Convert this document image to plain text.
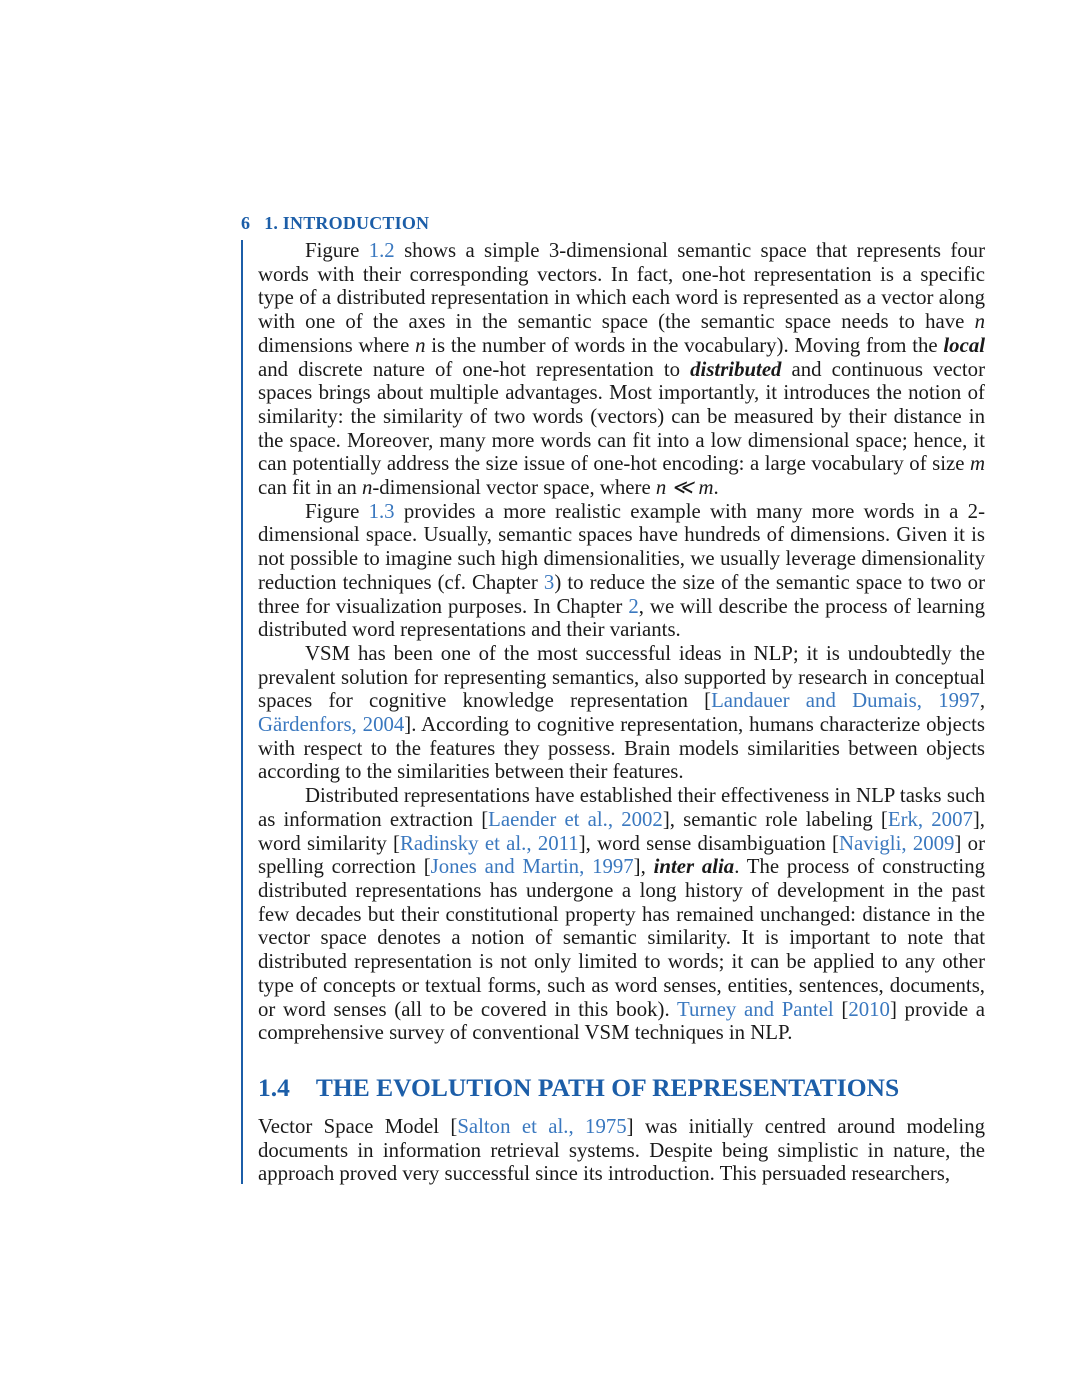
6 1. INTRODUCTION

Figure 1.2 shows a simple 3-dimensional semantic space that represents four words with their corresponding vectors. In fact, one-hot representation is a specific type of a distributed representation in which each word is represented as a vector along with one of the axes in the semantic space (the semantic space needs to have n dimensions where n is the number of words in the vocabulary). Moving from the local and discrete nature of one-hot representation to distributed and continuous vector spaces brings about multiple advantages. Most importantly, it introduces the notion of similarity: the similarity of two words (vectors) can be measured by their distance in the space. Moreover, many more words can fit into a low dimensional space; hence, it can potentially address the size issue of one-hot encoding: a large vocabulary of size m can fit in an n-dimensional vector space, where n ≪ m.

Figure 1.3 provides a more realistic example with many more words in a 2-dimensional space. Usually, semantic spaces have hundreds of dimensions. Given it is not possible to imagine such high dimensionalities, we usually leverage dimensionality reduction techniques (cf. Chapter 3) to reduce the size of the semantic space to two or three for visualization purposes. In Chapter 2, we will describe the process of learning distributed word representations and their variants.

VSM has been one of the most successful ideas in NLP; it is undoubtedly the prevalent solution for representing semantics, also supported by research in conceptual spaces for cognitive knowledge representation [Landauer and Dumais, 1997, Gärdenfors, 2004]. According to cognitive representation, humans characterize objects with respect to the features they possess. Brain models similarities between objects according to the similarities between their features.

Distributed representations have established their effectiveness in NLP tasks such as information extraction [Laender et al., 2002], semantic role labeling [Erk, 2007], word similarity [Radinsky et al., 2011], word sense disambiguation [Navigli, 2009] or spelling correction [Jones and Martin, 1997], inter alia. The process of constructing distributed representations has undergone a long history of development in the past few decades but their constitutional property has remained unchanged: distance in the vector space denotes a notion of semantic similarity. It is important to note that distributed representation is not only limited to words; it can be applied to any other type of concepts or textual forms, such as word senses, entities, sentences, documents, or word senses (all to be covered in this book). Turney and Pantel [2010] provide a comprehensive survey of conventional VSM techniques in NLP.

1.4 THE EVOLUTION PATH OF REPRESENTATIONS

Vector Space Model [Salton et al., 1975] was initially centred around modeling documents in information retrieval systems. Despite being simplistic in nature, the approach proved very successful since its introduction. This persuaded researchers,
